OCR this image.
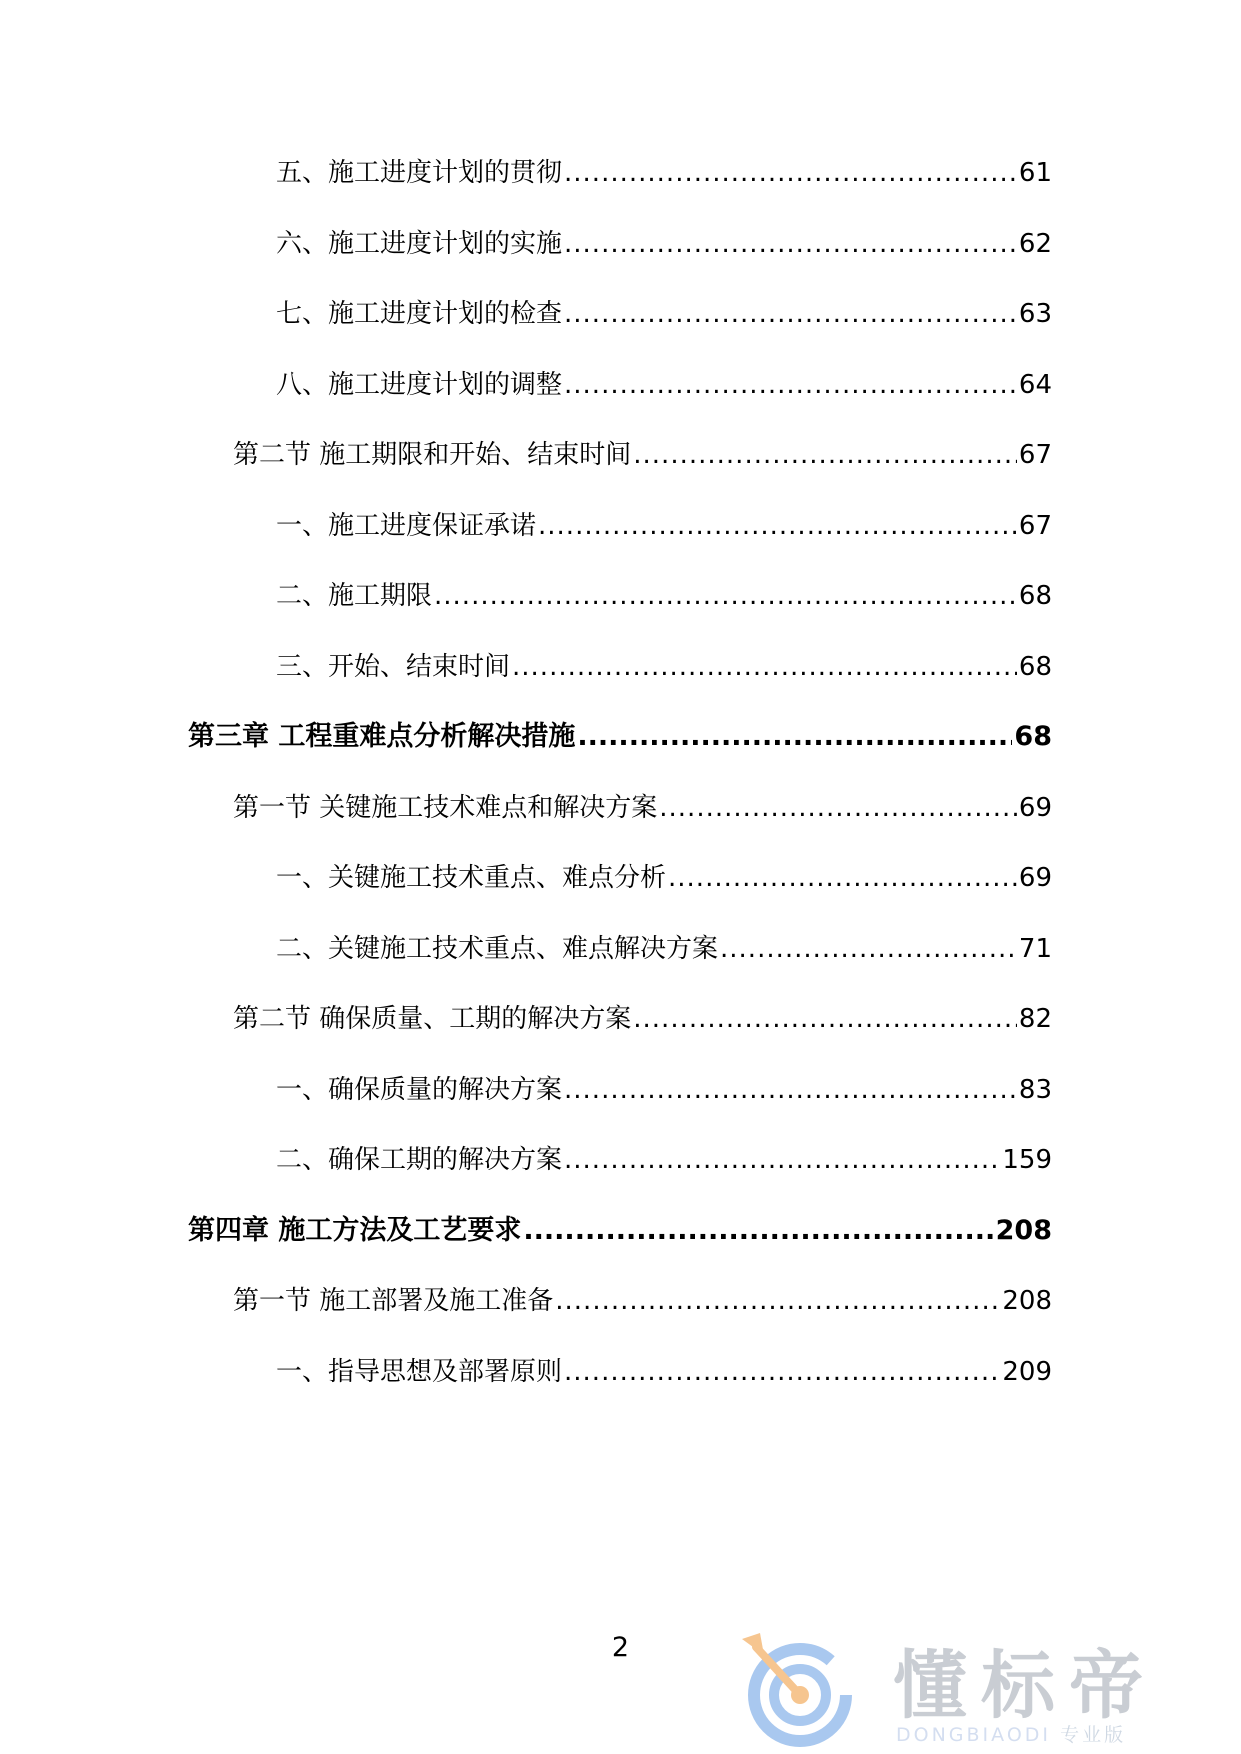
五、施工进度计划的贯彻 .....	61
六、施工进度计划的实施 .....	62
七、施工进度计划的检查 .....	63
八、施工进度计划的调整 .....	64
第二节 施工期限和开始、结束时间 .....	67
一、施工进度保证承诺 .....	67
二、施工期限 .....	68
三、开始、结束时间 .....	68
第三章 工程重难点分析解决措施 .....	68
第一节 关键施工技术难点和解决方案 .....	69
一、关键施工技术重点、难点分析 .....	69
二、关键施工技术重点、难点解决方案 .....	71
第二节 确保质量、工期的解决方案 .....	82
一、确保质量的解决方案 .....	83
二、确保工期的解决方案 .....	159
第四章 施工方法及工艺要求 .....	208
第一节 施工部署及施工准备 .....	208
一、指导思想及部署原则 .....	209
2	懂标帝
DONGBIAODI 专业版
